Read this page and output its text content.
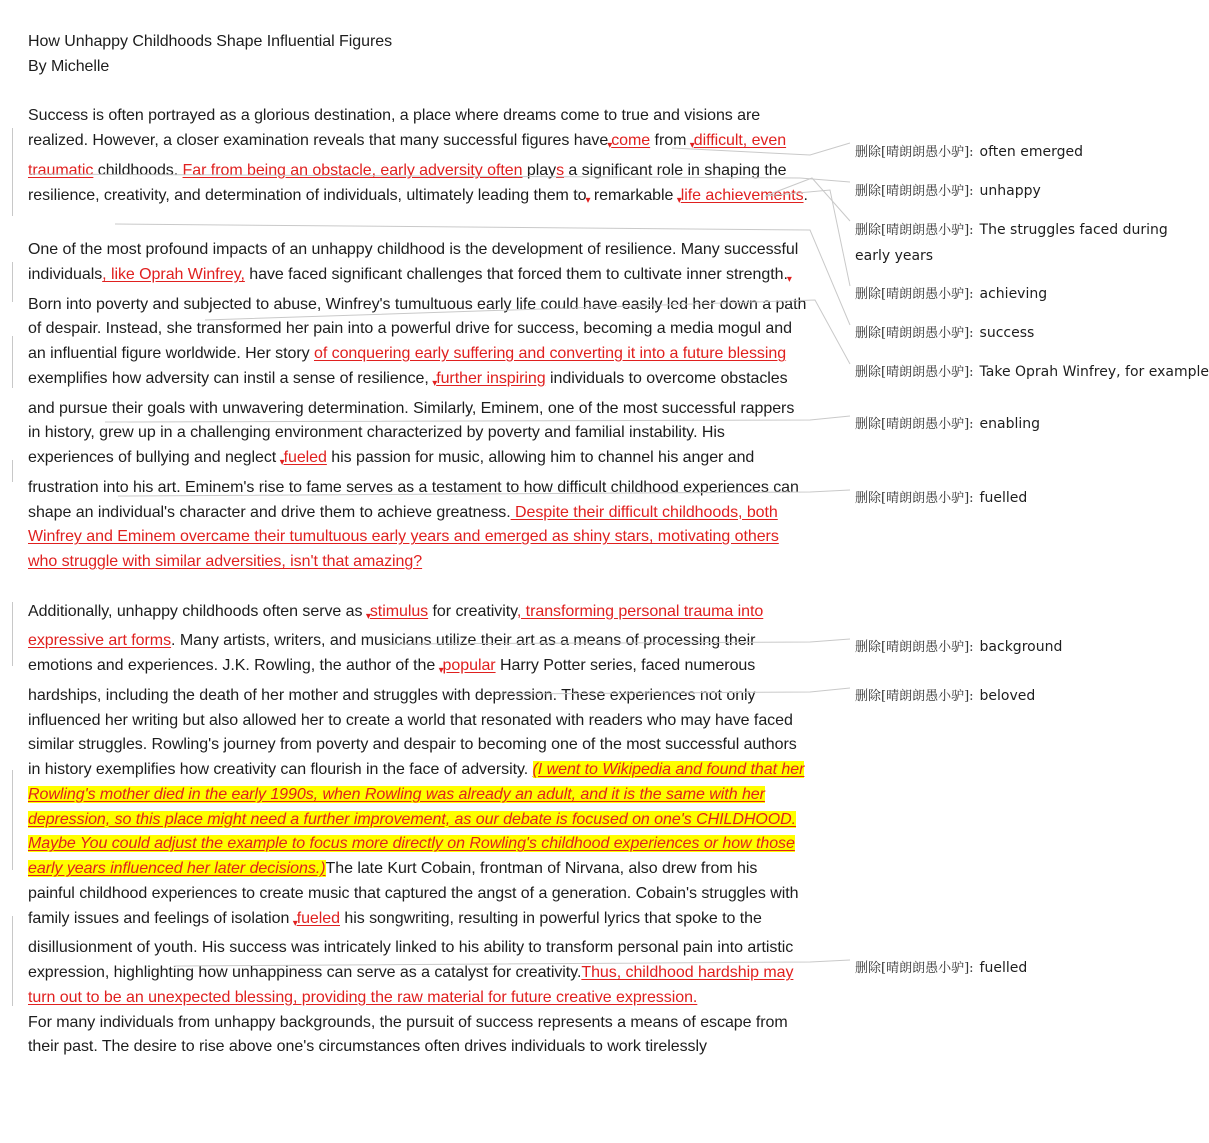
How Unhappy Childhoods Shape Influential Figures

By Michelle

Success is often portrayed as a glorious destination, a place where dreams come to true and visions are realized. However, a closer examination reveals that many successful figures have▾come from ▾difficult, even traumatic childhoods. Far from being an obstacle, early adversity often plays a significant role in shaping the resilience, creativity, and determination of individuals, ultimately leading them to▾ remarkable ▾life achievements.

One of the most profound impacts of an unhappy childhood is the development of resilience. Many successful individuals, like Oprah Winfrey, have faced significant challenges that forced them to cultivate inner strength.▾ Born into poverty and subjected to abuse, Winfrey's tumultuous early life could have easily led her down a path of despair. Instead, she transformed her pain into a powerful drive for success, becoming a media mogul and an influential figure worldwide. Her story of conquering early suffering and converting it into a future blessing exemplifies how adversity can instil a sense of resilience, ▾further inspiring individuals to overcome obstacles and pursue their goals with unwavering determination. Similarly, Eminem, one of the most successful rappers in history, grew up in a challenging environment characterized by poverty and familial instability. His experiences of bullying and neglect ▾fueled his passion for music, allowing him to channel his anger and frustration into his art. Eminem's rise to fame serves as a testament to how difficult childhood experiences can shape an individual's character and drive them to achieve greatness. Despite their difficult childhoods, both Winfrey and Eminem overcame their tumultuous early years and emerged as shiny stars, motivating others who struggle with similar adversities, isn't that amazing?

Additionally, unhappy childhoods often serve as ▾stimulus for creativity, transforming personal trauma into expressive art forms. Many artists, writers, and musicians utilize their art as a means of processing their emotions and experiences. J.K. Rowling, the author of the ▾popular Harry Potter series, faced numerous hardships, including the death of her mother and struggles with depression. These experiences not only influenced her writing but also allowed her to create a world that resonated with readers who may have faced similar struggles. Rowling's journey from poverty and despair to becoming one of the most successful authors in history exemplifies how creativity can flourish in the face of adversity. (I went to Wikipedia and found that her Rowling's mother died in the early 1990s, when Rowling was already an adult, and it is the same with her depression, so this place might need a further improvement, as our debate is focused on one's CHILDHOOD. Maybe You could adjust the example to focus more directly on Rowling's childhood experiences or how those early years influenced her later decisions.)The late Kurt Cobain, frontman of Nirvana, also drew from his painful childhood experiences to create music that captured the angst of a generation. Cobain's struggles with family issues and feelings of isolation ▾fueled his songwriting, resulting in powerful lyrics that spoke to the disillusionment of youth. His success was intricately linked to his ability to transform personal pain into artistic expression, highlighting how unhappiness can serve as a catalyst for creativity.Thus, childhood hardship may turn out to be an unexpected blessing, providing the raw material for future creative expression.

For many individuals from unhappy backgrounds, the pursuit of success represents a means of escape from their past. The desire to rise above one's circumstances often drives individuals to work tirelessly

删除[晴朗朗愚小驴]: often emerged
删除[晴朗朗愚小驴]: unhappy
删除[晴朗朗愚小驴]: The struggles faced during early years
删除[晴朗朗愚小驴]: achieving
删除[晴朗朗愚小驴]: success
删除[晴朗朗愚小驴]: Take Oprah Winfrey, for example
删除[晴朗朗愚小驴]: enabling
删除[晴朗朗愚小驴]: fuelled
删除[晴朗朗愚小驴]: background
删除[晴朗朗愚小驴]: beloved
删除[晴朗朗愚小驴]: fuelled
